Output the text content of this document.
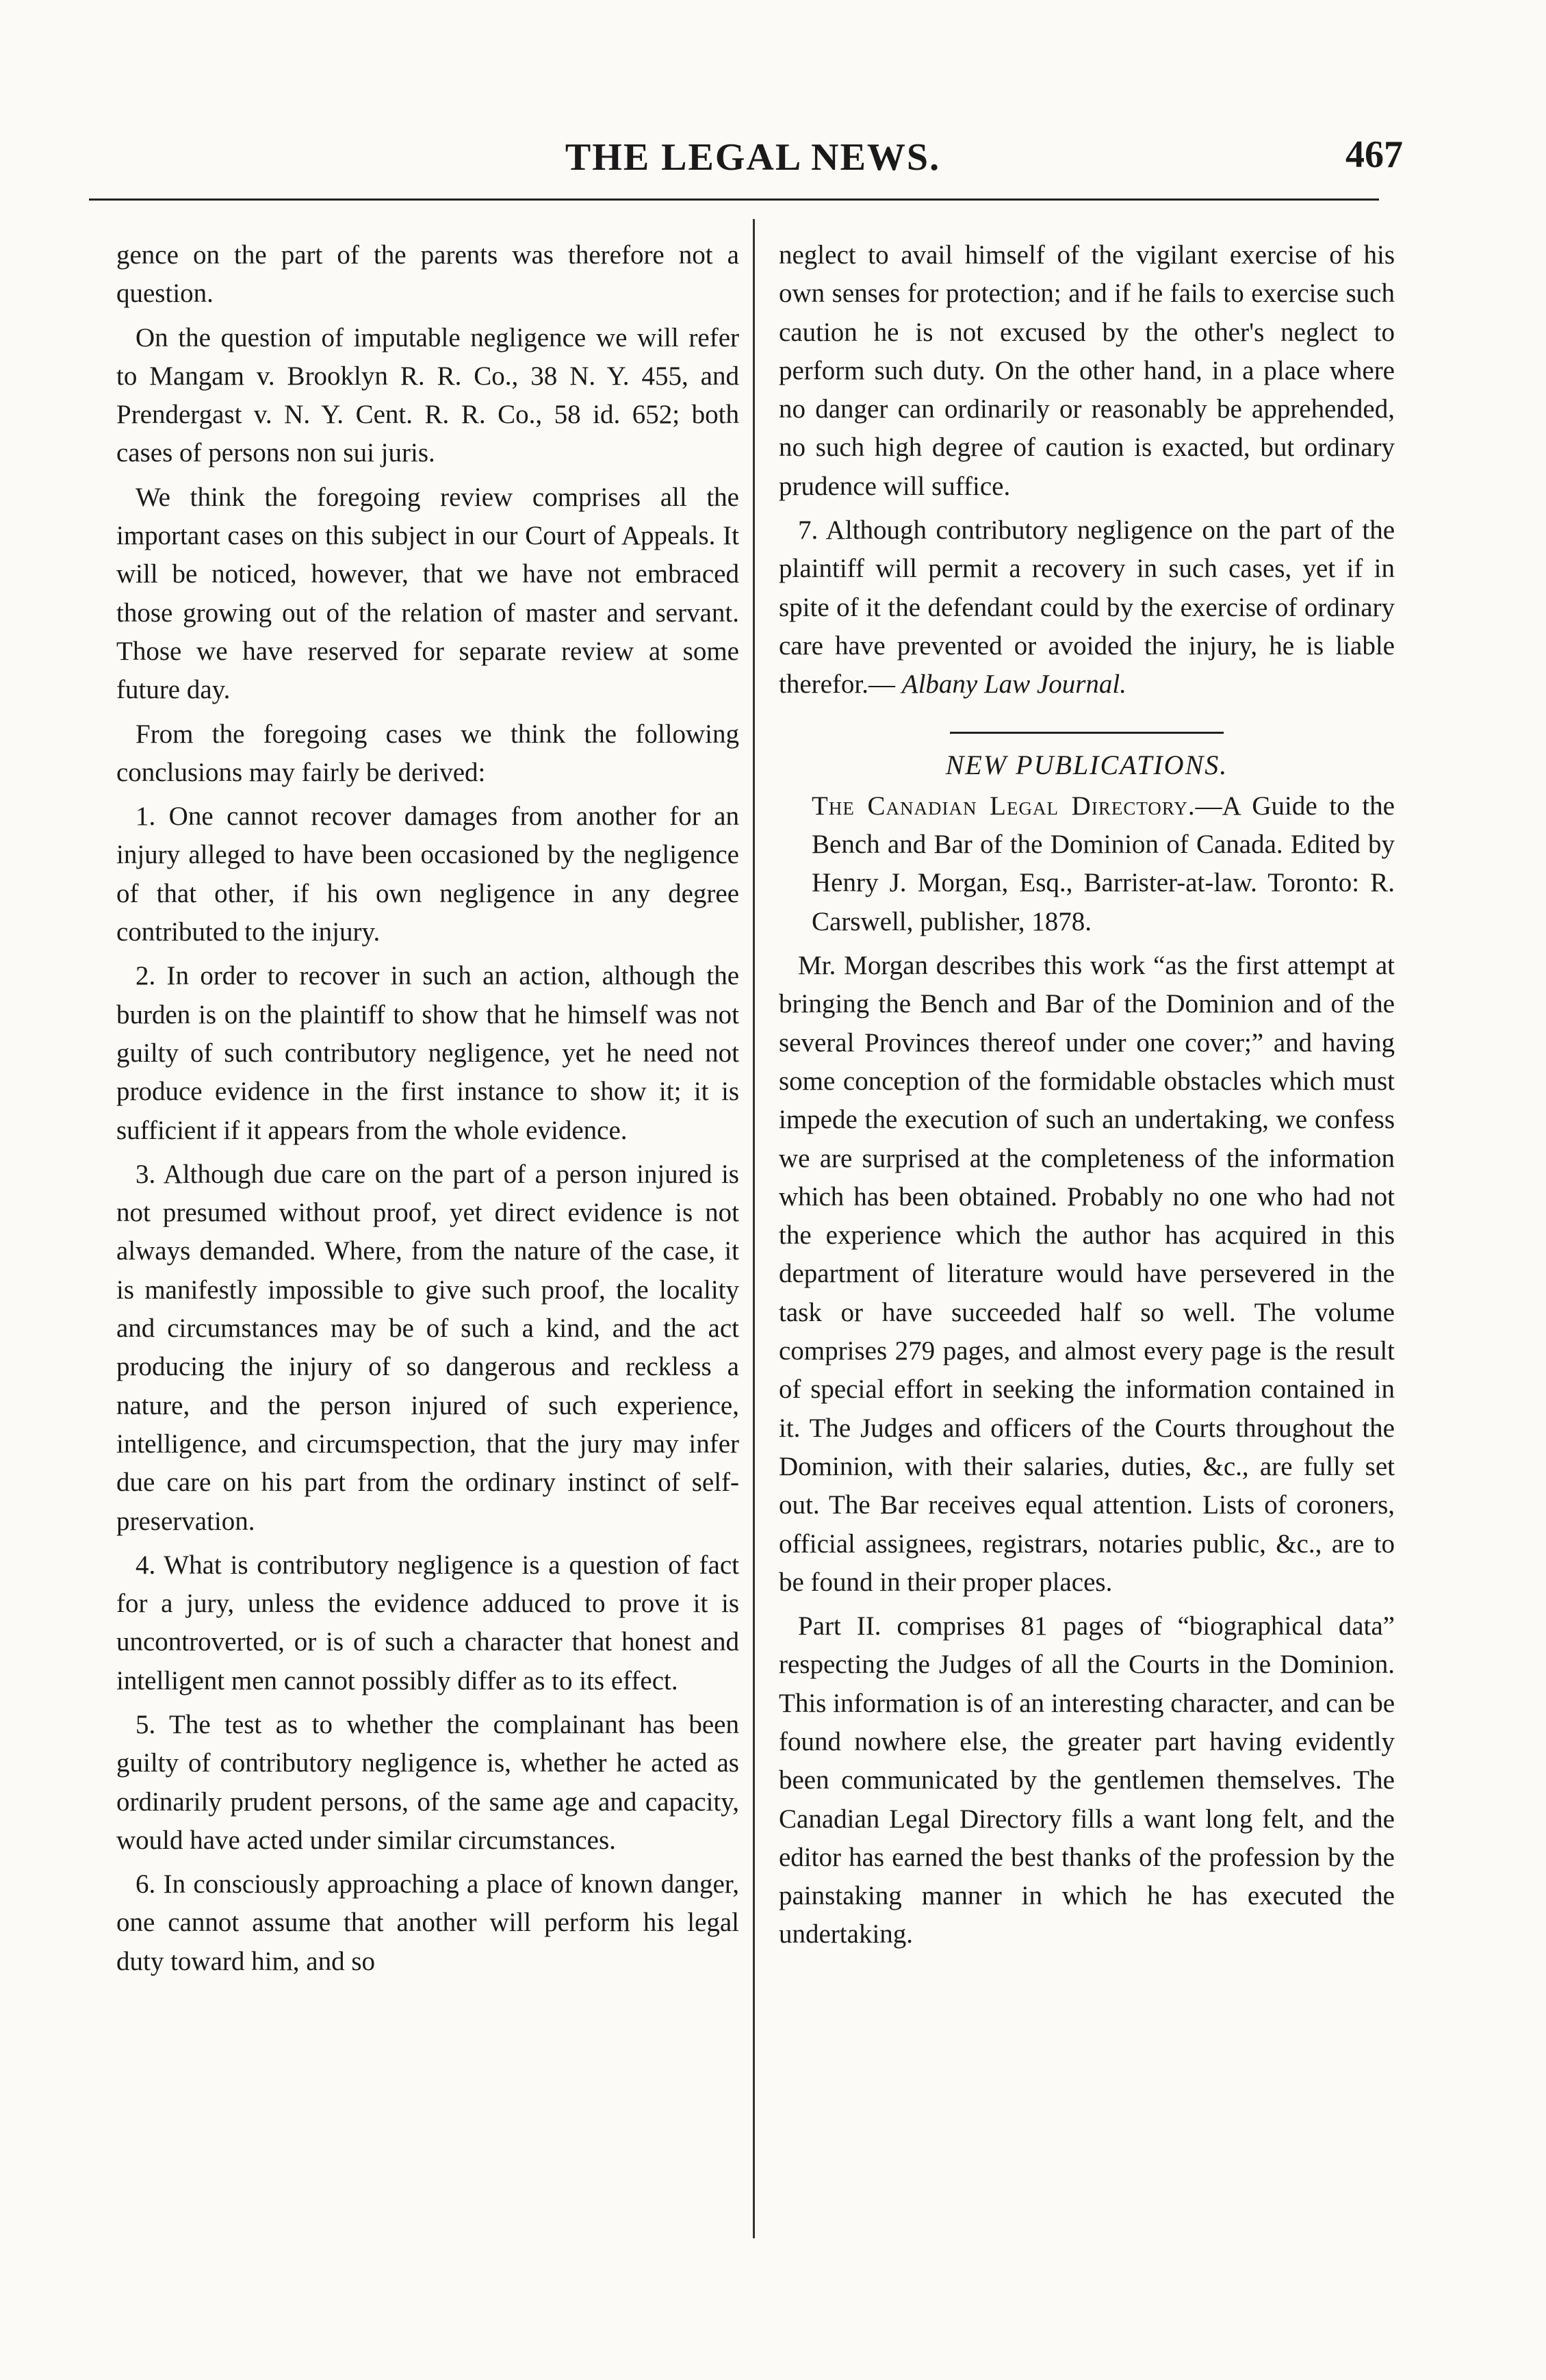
THE LEGAL NEWS.	467

gence on the part of the parents was therefore not a question.

On the question of imputable negligence we will refer to Mangam v. Brooklyn R. R. Co., 38 N. Y. 455, and Prendergast v. N. Y. Cent. R. R. Co., 58 id. 652; both cases of persons non sui juris.

We think the foregoing review comprises all the important cases on this subject in our Court of Appeals. It will be noticed, however, that we have not embraced those growing out of the relation of master and servant. Those we have reserved for separate review at some future day.

From the foregoing cases we think the following conclusions may fairly be derived:

1. One cannot recover damages from another for an injury alleged to have been occasioned by the negligence of that other, if his own negligence in any degree contributed to the injury.

2. In order to recover in such an action, although the burden is on the plaintiff to show that he himself was not guilty of such contributory negligence, yet he need not produce evidence in the first instance to show it; it is sufficient if it appears from the whole evidence.

3. Although due care on the part of a person injured is not presumed without proof, yet direct evidence is not always demanded. Where, from the nature of the case, it is manifestly impossible to give such proof, the locality and circumstances may be of such a kind, and the act producing the injury of so dangerous and reckless a nature, and the person injured of such experience, intelligence, and circumspection, that the jury may infer due care on his part from the ordinary instinct of self-preservation.

4. What is contributory negligence is a question of fact for a jury, unless the evidence adduced to prove it is uncontroverted, or is of such a character that honest and intelligent men cannot possibly differ as to its effect.

5. The test as to whether the complainant has been guilty of contributory negligence is, whether he acted as ordinarily prudent persons, of the same age and capacity, would have acted under similar circumstances.

6. In consciously approaching a place of known danger, one cannot assume that another will perform his legal duty toward him, and so

neglect to avail himself of the vigilant exercise of his own senses for protection; and if he fails to exercise such caution he is not excused by the other's neglect to perform such duty. On the other hand, in a place where no danger can ordinarily or reasonably be apprehended, no such high degree of caution is exacted, but ordinary prudence will suffice.

7. Although contributory negligence on the part of the plaintiff will permit a recovery in such cases, yet if in spite of it the defendant could by the exercise of ordinary care have prevented or avoided the injury, he is liable therefor.— Albany Law Journal.

NEW PUBLICATIONS.

The Canadian Legal Directory.—A Guide to the Bench and Bar of the Dominion of Canada. Edited by Henry J. Morgan, Esq., Barrister-at-law. Toronto: R. Carswell, publisher, 1878.

Mr. Morgan describes this work “as the first attempt at bringing the Bench and Bar of the Dominion and of the several Provinces thereof under one cover;” and having some conception of the formidable obstacles which must impede the execution of such an undertaking, we confess we are surprised at the completeness of the information which has been obtained. Probably no one who had not the experience which the author has acquired in this department of literature would have persevered in the task or have succeeded half so well. The volume comprises 279 pages, and almost every page is the result of special effort in seeking the information contained in it. The Judges and officers of the Courts throughout the Dominion, with their salaries, duties, &c., are fully set out. The Bar receives equal attention. Lists of coroners, official assignees, registrars, notaries public, &c., are to be found in their proper places.

Part II. comprises 81 pages of “biographical data” respecting the Judges of all the Courts in the Dominion. This information is of an interesting character, and can be found nowhere else, the greater part having evidently been communicated by the gentlemen themselves. The Canadian Legal Directory fills a want long felt, and the editor has earned the best thanks of the profession by the painstaking manner in which he has executed the undertaking.
